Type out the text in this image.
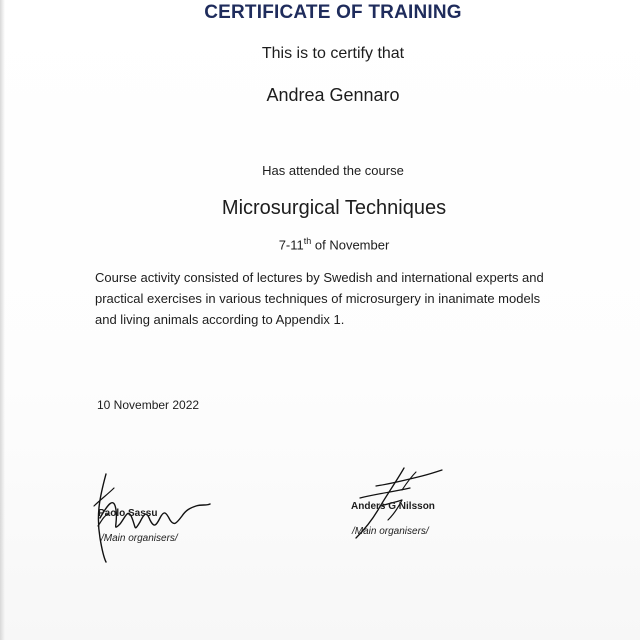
CERTIFICATE OF TRAINING
This is to certify that
Andrea Gennaro
Has attended the course
Microsurgical Techniques
7-11th of November
Course activity consisted of lectures by Swedish and international experts and practical exercises in various techniques of microsurgery in inanimate models and living animals according to Appendix 1.
10 November 2022
Paolo Sassu
/Main organisers/
Anders G Nilsson
/Main organisers/
